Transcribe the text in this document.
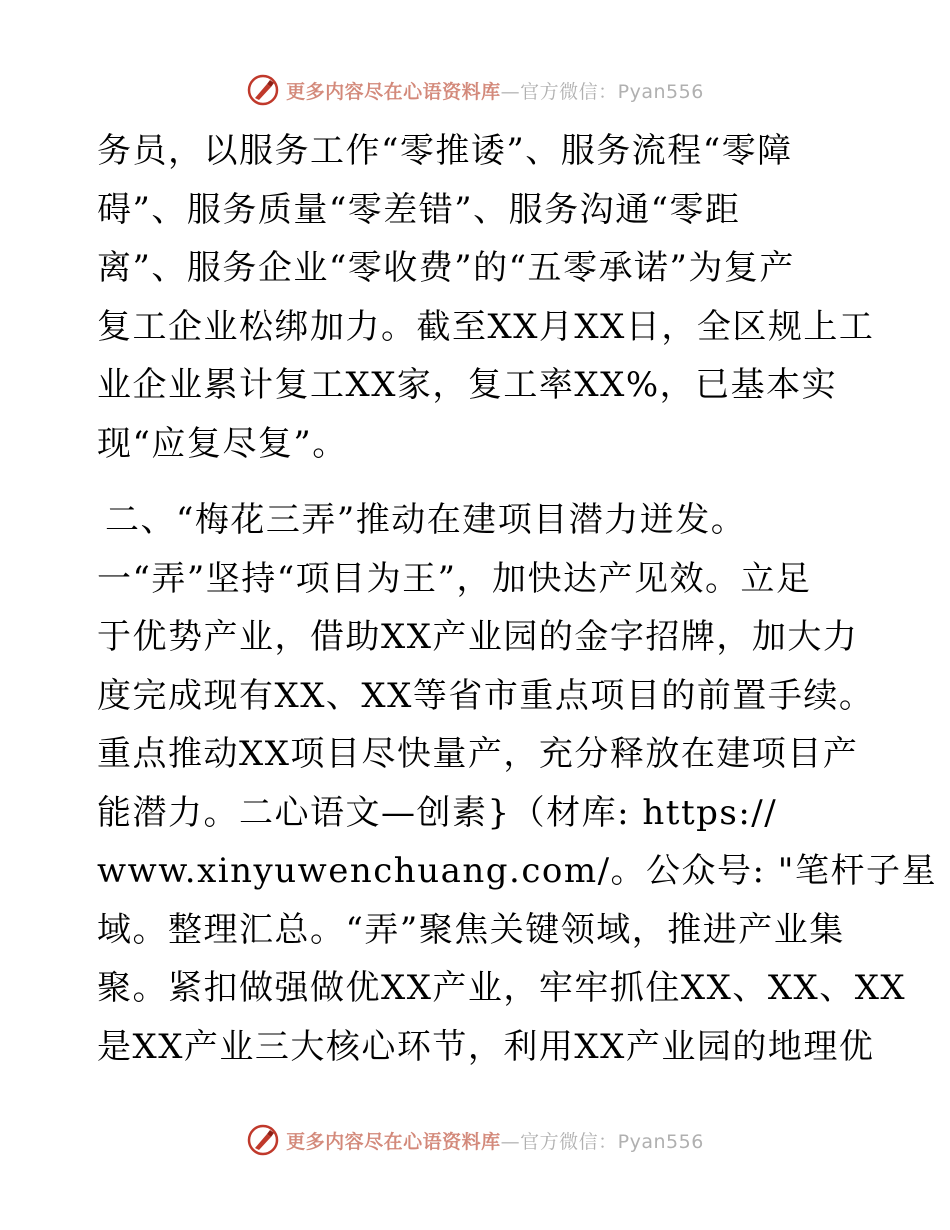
更多内容尽在心语资料库—官方微信：Pyan556
务员，以服务工作“零推诿”、服务流程“零障
碍”、服务质量“零差错”、服务沟通“零距
离”、服务企业“零收费”的“五零承诺”为复产
复工企业松绑加力。截至XX月XX日，全区规上工
业企业累计复工XX家，复工率XX%，已基本实
现“应复尽复”。
二、“梅花三弄”推动在建项目潜力迸发。
一“弄”坚持“项目为王”，加快达产见效。立足
于优势产业，借助XX产业园的金字招牌，加大力
度完成现有XX、XX等省市重点项目的前置手续。
重点推动XX项目尽快量产，充分释放在建项目产
能潜力。二心语文—创素}（材库: https://
www.xinyuwenchuang.com/。公众号: "笔杆子星
域。整理汇总。“弄”聚焦关键领域，推进产业集
聚。紧扣做强做优XX产业，牢牢抓住XX、XX、XX
是XX产业三大核心环节，利用XX产业园的地理优
更多内容尽在心语资料库—官方微信：Pyan556
